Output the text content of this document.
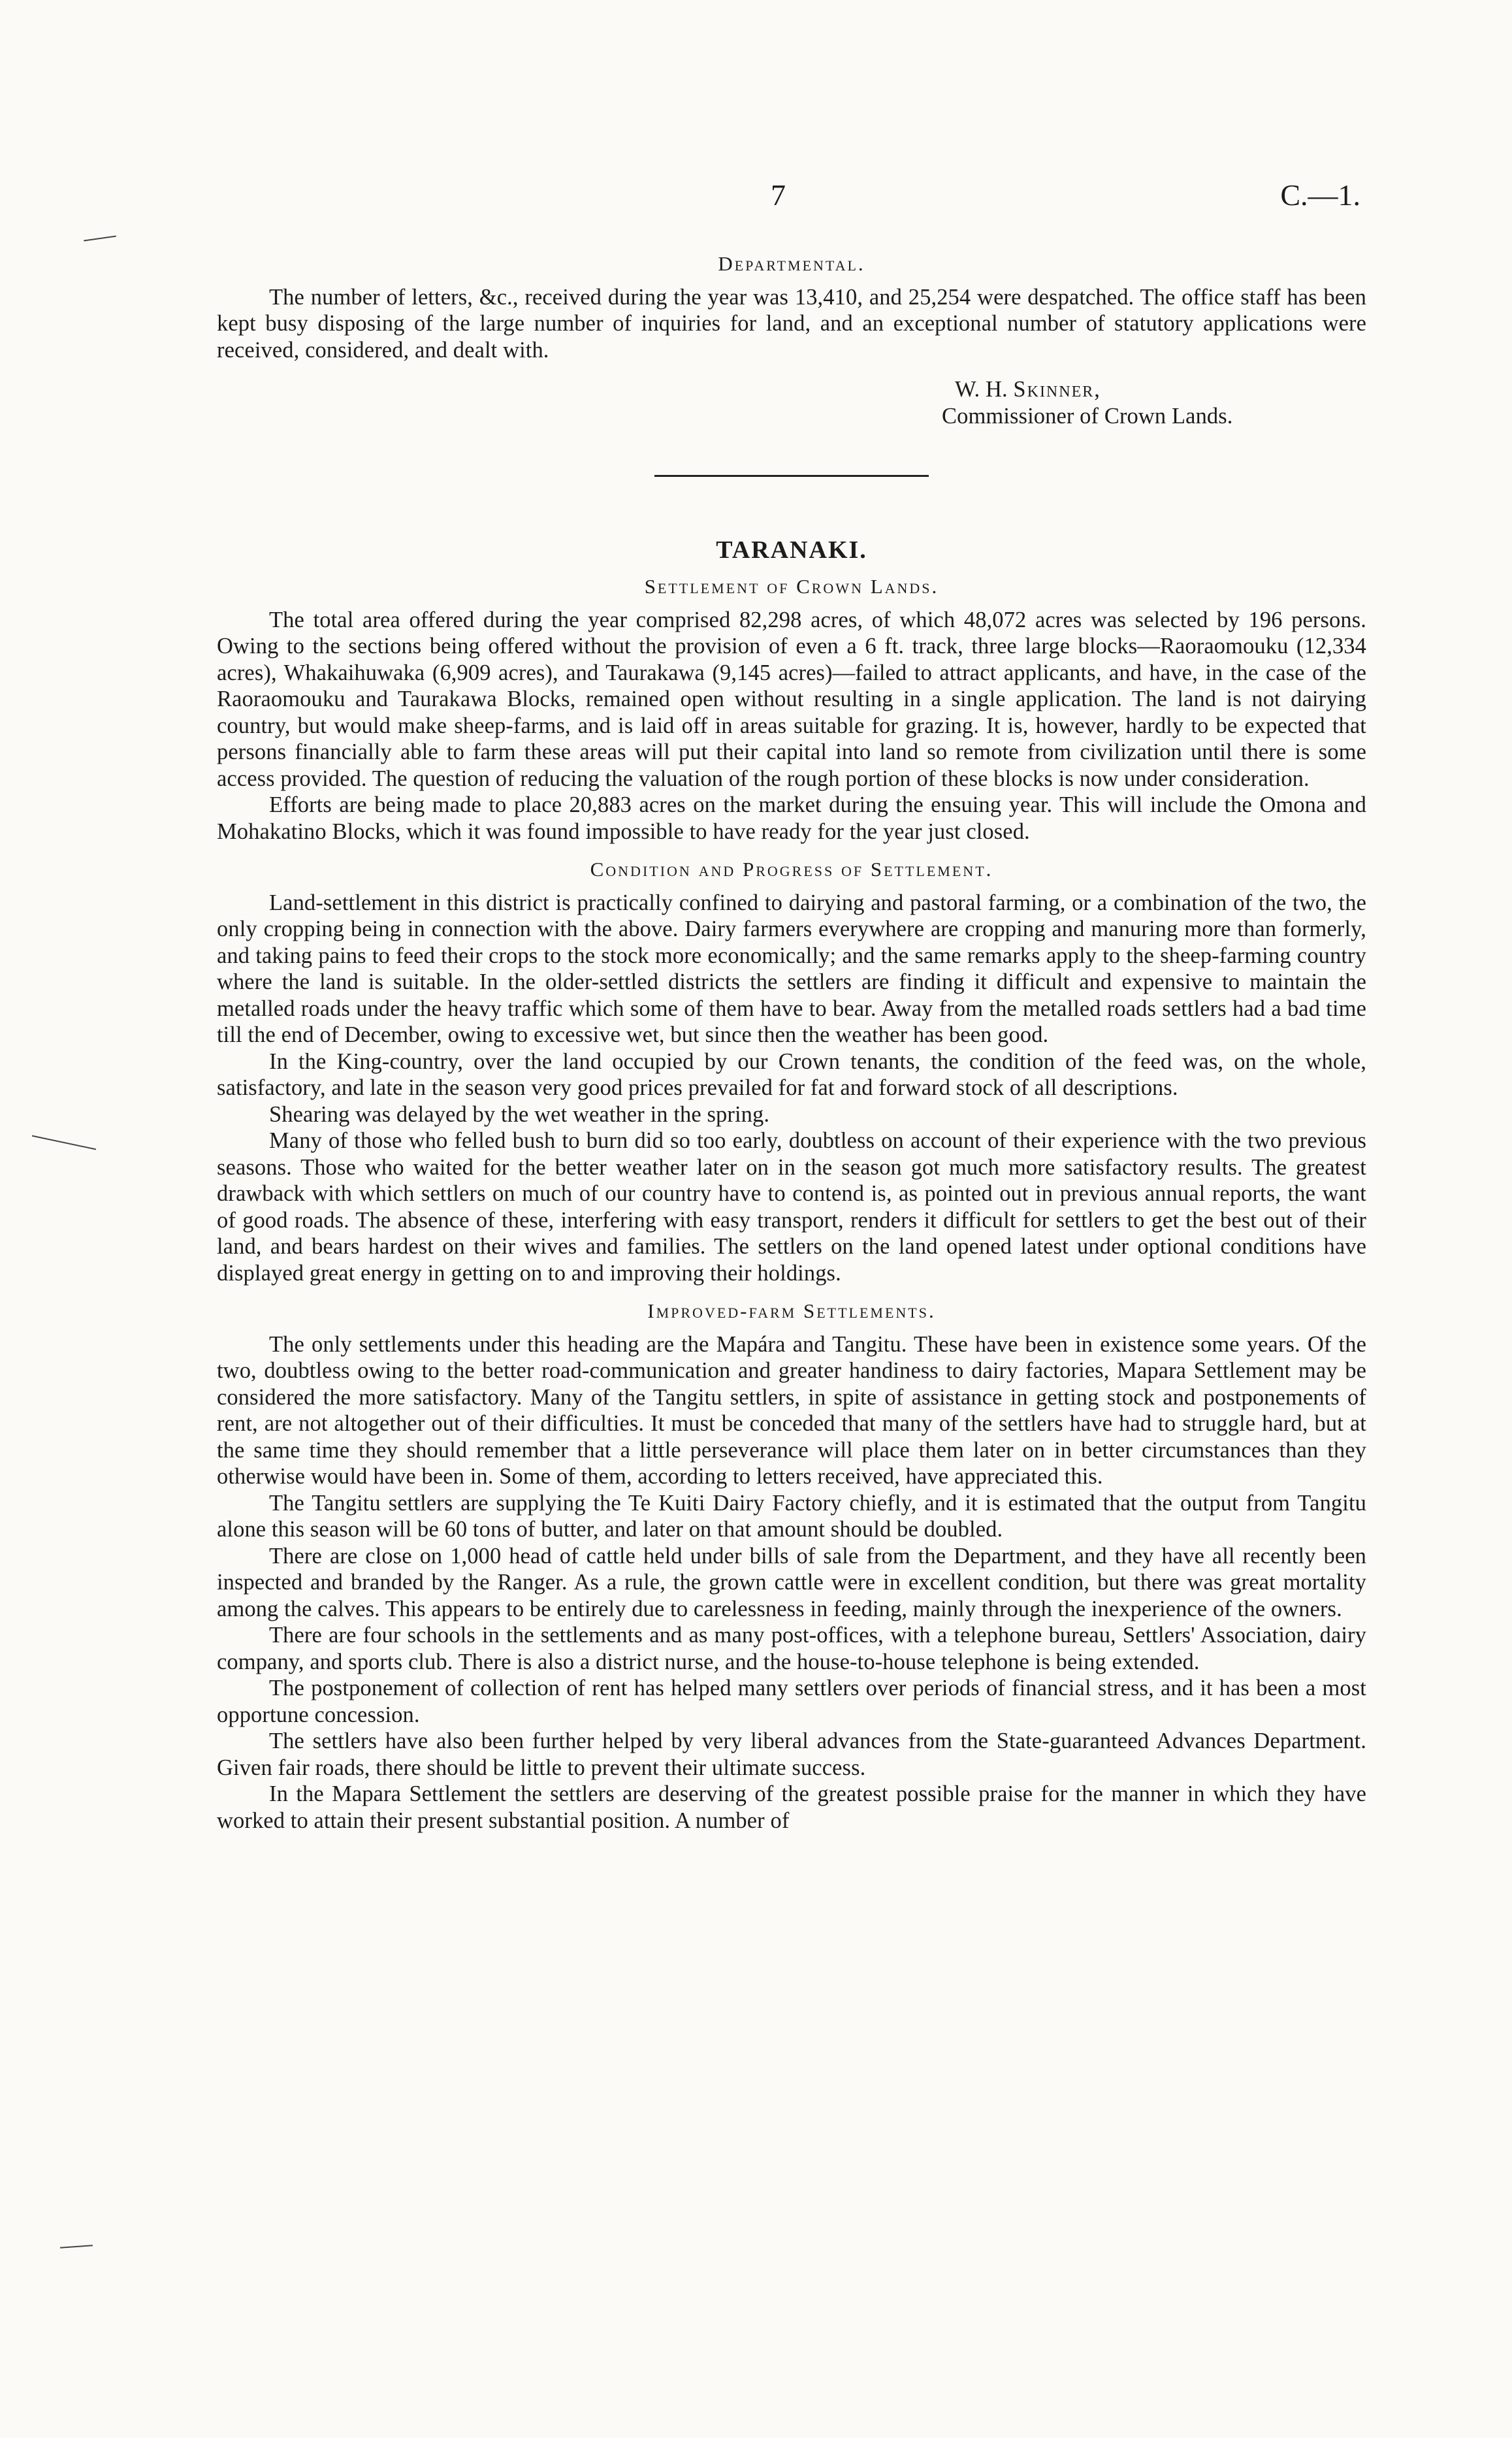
7	C.—1.

Departmental.

The number of letters, &c., received during the year was 13,410, and 25,254 were despatched. The office staff has been kept busy disposing of the large number of inquiries for land, and an exceptional number of statutory applications were received, considered, and dealt with.

W. H. Skinner,

Commissioner of Crown Lands.

TARANAKI.

Settlement of Crown Lands.

The total area offered during the year comprised 82,298 acres, of which 48,072 acres was selected by 196 persons. Owing to the sections being offered without the provision of even a 6 ft. track, three large blocks—Raoraomouku (12,334 acres), Whakaihuwaka (6,909 acres), and Taurakawa (9,145 acres)—failed to attract applicants, and have, in the case of the Raoraomouku and Taurakawa Blocks, remained open without resulting in a single application. The land is not dairying country, but would make sheep-farms, and is laid off in areas suitable for grazing. It is, however, hardly to be expected that persons financially able to farm these areas will put their capital into land so remote from civilization until there is some access provided. The question of reducing the valuation of the rough portion of these blocks is now under consideration.

Efforts are being made to place 20,883 acres on the market during the ensuing year. This will include the Omona and Mohakatino Blocks, which it was found impossible to have ready for the year just closed.

Condition and Progress of Settlement.

Land-settlement in this district is practically confined to dairying and pastoral farming, or a combination of the two, the only cropping being in connection with the above. Dairy farmers everywhere are cropping and manuring more than formerly, and taking pains to feed their crops to the stock more economically; and the same remarks apply to the sheep-farming country where the land is suitable. In the older-settled districts the settlers are finding it difficult and expensive to maintain the metalled roads under the heavy traffic which some of them have to bear. Away from the metalled roads settlers had a bad time till the end of December, owing to excessive wet, but since then the weather has been good.

In the King-country, over the land occupied by our Crown tenants, the condition of the feed was, on the whole, satisfactory, and late in the season very good prices prevailed for fat and forward stock of all descriptions.

Shearing was delayed by the wet weather in the spring.

Many of those who felled bush to burn did so too early, doubtless on account of their experience with the two previous seasons. Those who waited for the better weather later on in the season got much more satisfactory results. The greatest drawback with which settlers on much of our country have to contend is, as pointed out in previous annual reports, the want of good roads. The absence of these, interfering with easy transport, renders it difficult for settlers to get the best out of their land, and bears hardest on their wives and families. The settlers on the land opened latest under optional conditions have displayed great energy in getting on to and improving their holdings.

Improved-farm Settlements.

The only settlements under this heading are the Mapára and Tangitu. These have been in existence some years. Of the two, doubtless owing to the better road-communication and greater handiness to dairy factories, Mapara Settlement may be considered the more satisfactory. Many of the Tangitu settlers, in spite of assistance in getting stock and postponements of rent, are not altogether out of their difficulties. It must be conceded that many of the settlers have had to struggle hard, but at the same time they should remember that a little perseverance will place them later on in better circumstances than they otherwise would have been in. Some of them, according to letters received, have appreciated this.

The Tangitu settlers are supplying the Te Kuiti Dairy Factory chiefly, and it is estimated that the output from Tangitu alone this season will be 60 tons of butter, and later on that amount should be doubled.

There are close on 1,000 head of cattle held under bills of sale from the Department, and they have all recently been inspected and branded by the Ranger. As a rule, the grown cattle were in excellent condition, but there was great mortality among the calves. This appears to be entirely due to carelessness in feeding, mainly through the inexperience of the owners.

There are four schools in the settlements and as many post-offices, with a telephone bureau, Settlers' Association, dairy company, and sports club. There is also a district nurse, and the house-to-house telephone is being extended.

The postponement of collection of rent has helped many settlers over periods of financial stress, and it has been a most opportune concession.

The settlers have also been further helped by very liberal advances from the State-guaranteed Advances Department. Given fair roads, there should be little to prevent their ultimate success.

In the Mapara Settlement the settlers are deserving of the greatest possible praise for the manner in which they have worked to attain their present substantial position. A number of
